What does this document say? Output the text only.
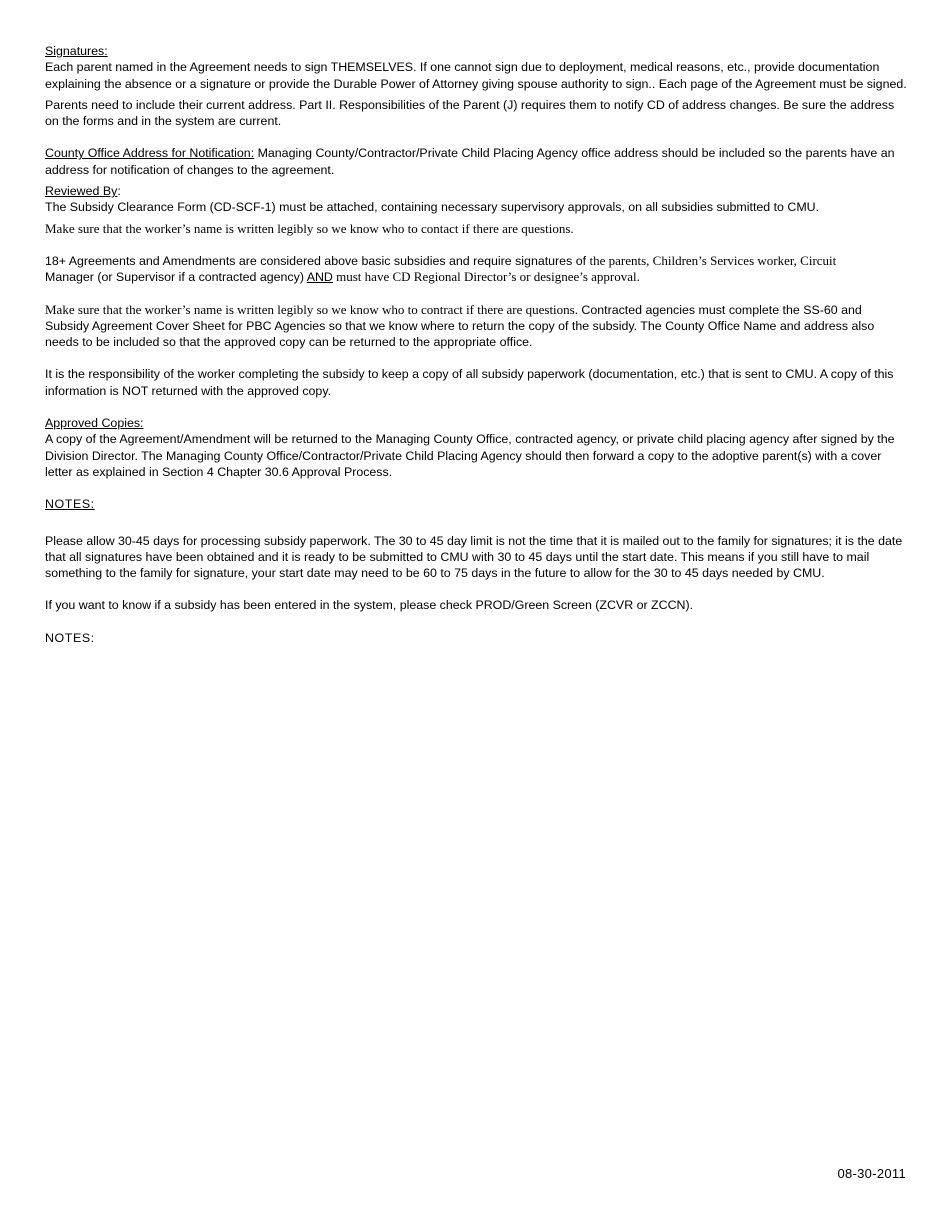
Signatures:

Each parent named in the Agreement needs to sign THEMSELVES. If one cannot sign due to deployment, medical reasons, etc., provide documentation explaining the absence or a signature or provide the Durable Power of Attorney giving spouse authority to sign.. Each page of the Agreement must be signed.

Parents need to include their current address. Part II. Responsibilities of the Parent (J) requires them to notify CD of address changes. Be sure the address on the forms and in the system are current.

County Office Address for Notification: Managing County/Contractor/Private Child Placing Agency office address should be included so the parents have an address for notification of changes to the agreement.

Reviewed By:

The Subsidy Clearance Form (CD-SCF-1) must be attached, containing necessary supervisory approvals, on all subsidies submitted to CMU.

Make sure that the worker’s name is written legibly so we know who to contact if there are questions.

18+ Agreements and Amendments are considered above basic subsidies and require signatures of the parents, Children’s Services worker, Circuit
Manager (or Supervisor if a contracted agency) AND must have CD Regional Director’s or designee’s approval.

Make sure that the worker’s name is written legibly so we know who to contract if there are questions. Contracted agencies must complete the SS-60 and Subsidy Agreement Cover Sheet for PBC Agencies so that we know where to return the copy of the subsidy. The County Office Name and address also needs to be included so that the approved copy can be returned to the appropriate office.

It is the responsibility of the worker completing the subsidy to keep a copy of all subsidy paperwork (documentation, etc.) that is sent to CMU. A copy of this information is NOT returned with the approved copy.

Approved Copies:

A copy of the Agreement/Amendment will be returned to the Managing County Office, contracted agency, or private child placing agency after signed by the Division Director. The Managing County Office/Contractor/Private Child Placing Agency should then forward a copy to the adoptive parent(s) with a cover letter as explained in Section 4 Chapter 30.6 Approval Process.

NOTES:

Please allow 30-45 days for processing subsidy paperwork. The 30 to 45 day limit is not the time that it is mailed out to the family for signatures; it is the date that all signatures have been obtained and it is ready to be submitted to CMU with 30 to 45 days until the start date. This means if you still have to mail something to the family for signature, your start date may need to be 60 to 75 days in the future to allow for the 30 to 45 days needed by CMU.

If you want to know if a subsidy has been entered in the system, please check PROD/Green Screen (ZCVR or ZCCN).

NOTES:

08-30-2011
